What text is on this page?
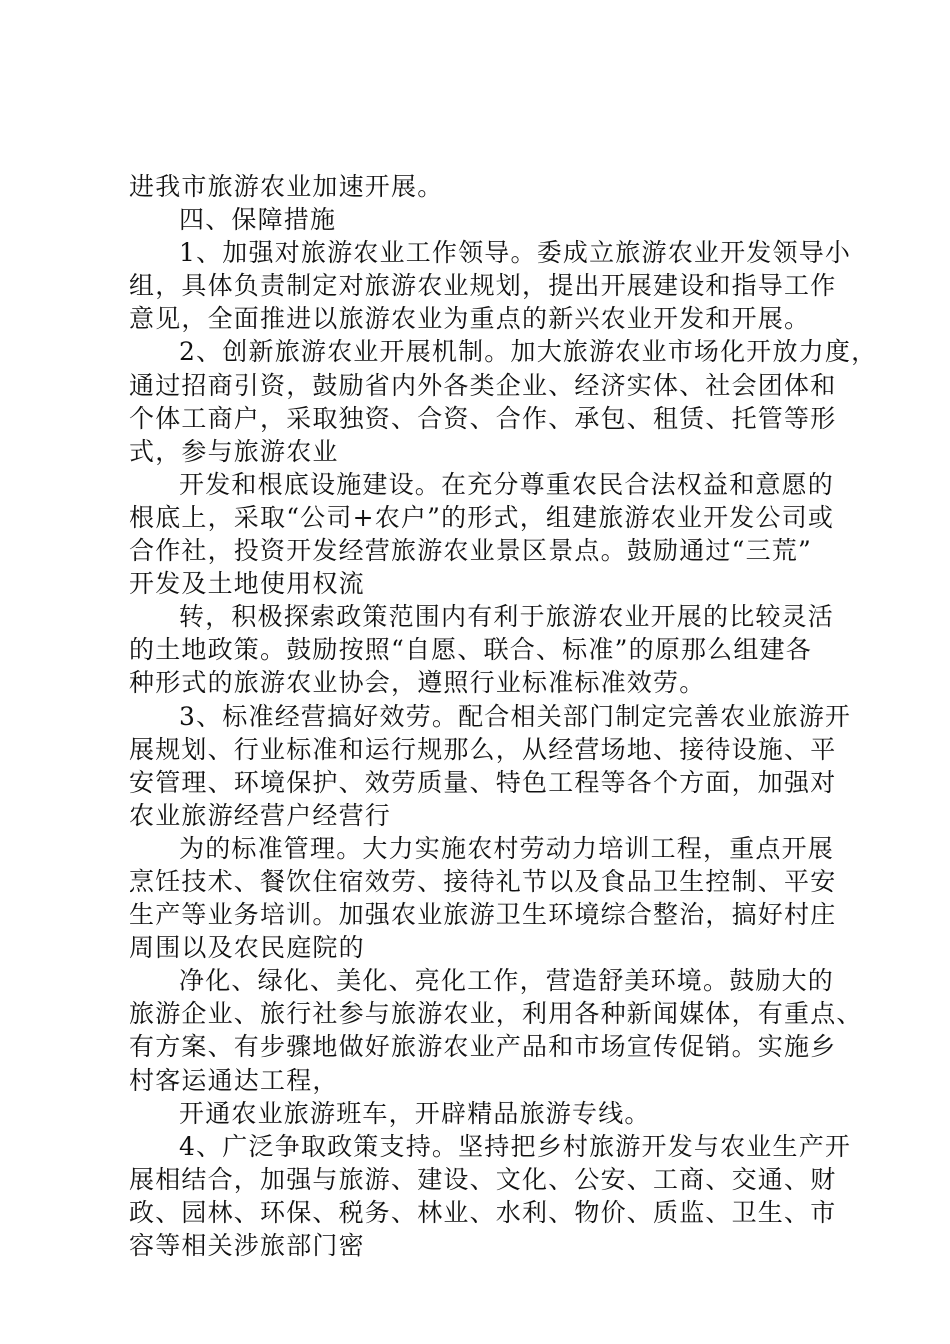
进我市旅游农业加速开展。
四、保障措施
1、加强对旅游农业工作领导。委成立旅游农业开发领导小
组，具体负责制定对旅游农业规划，提出开展建设和指导工作
意见，全面推进以旅游农业为重点的新兴农业开发和开展。
2、创新旅游农业开展机制。加大旅游农业市场化开放力度，
通过招商引资，鼓励省内外各类企业、经济实体、社会团体和
个体工商户，采取独资、合资、合作、承包、租赁、托管等形
式，参与旅游农业
开发和根底设施建设。在充分尊重农民合法权益和意愿的
根底上，采取“公司+农户”的形式，组建旅游农业开发公司或
合作社，投资开发经营旅游农业景区景点。鼓励通过“三荒”
开发及土地使用权流
转，积极探索政策范围内有利于旅游农业开展的比较灵活
的土地政策。鼓励按照“自愿、联合、标准”的原那么组建各
种形式的旅游农业协会，遵照行业标准标准效劳。
3、标准经营搞好效劳。配合相关部门制定完善农业旅游开
展规划、行业标准和运行规那么，从经营场地、接待设施、平
安管理、环境保护、效劳质量、特色工程等各个方面，加强对
农业旅游经营户经营行
为的标准管理。大力实施农村劳动力培训工程，重点开展
烹饪技术、餐饮住宿效劳、接待礼节以及食品卫生控制、平安
生产等业务培训。加强农业旅游卫生环境综合整治，搞好村庄
周围以及农民庭院的
净化、绿化、美化、亮化工作，营造舒美环境。鼓励大的
旅游企业、旅行社参与旅游农业，利用各种新闻媒体，有重点、
有方案、有步骤地做好旅游农业产品和市场宣传促销。实施乡
村客运通达工程，
开通农业旅游班车，开辟精品旅游专线。
4、广泛争取政策支持。坚持把乡村旅游开发与农业生产开
展相结合，加强与旅游、建设、文化、公安、工商、交通、财
政、园林、环保、税务、林业、水利、物价、质监、卫生、市
容等相关涉旅部门密
